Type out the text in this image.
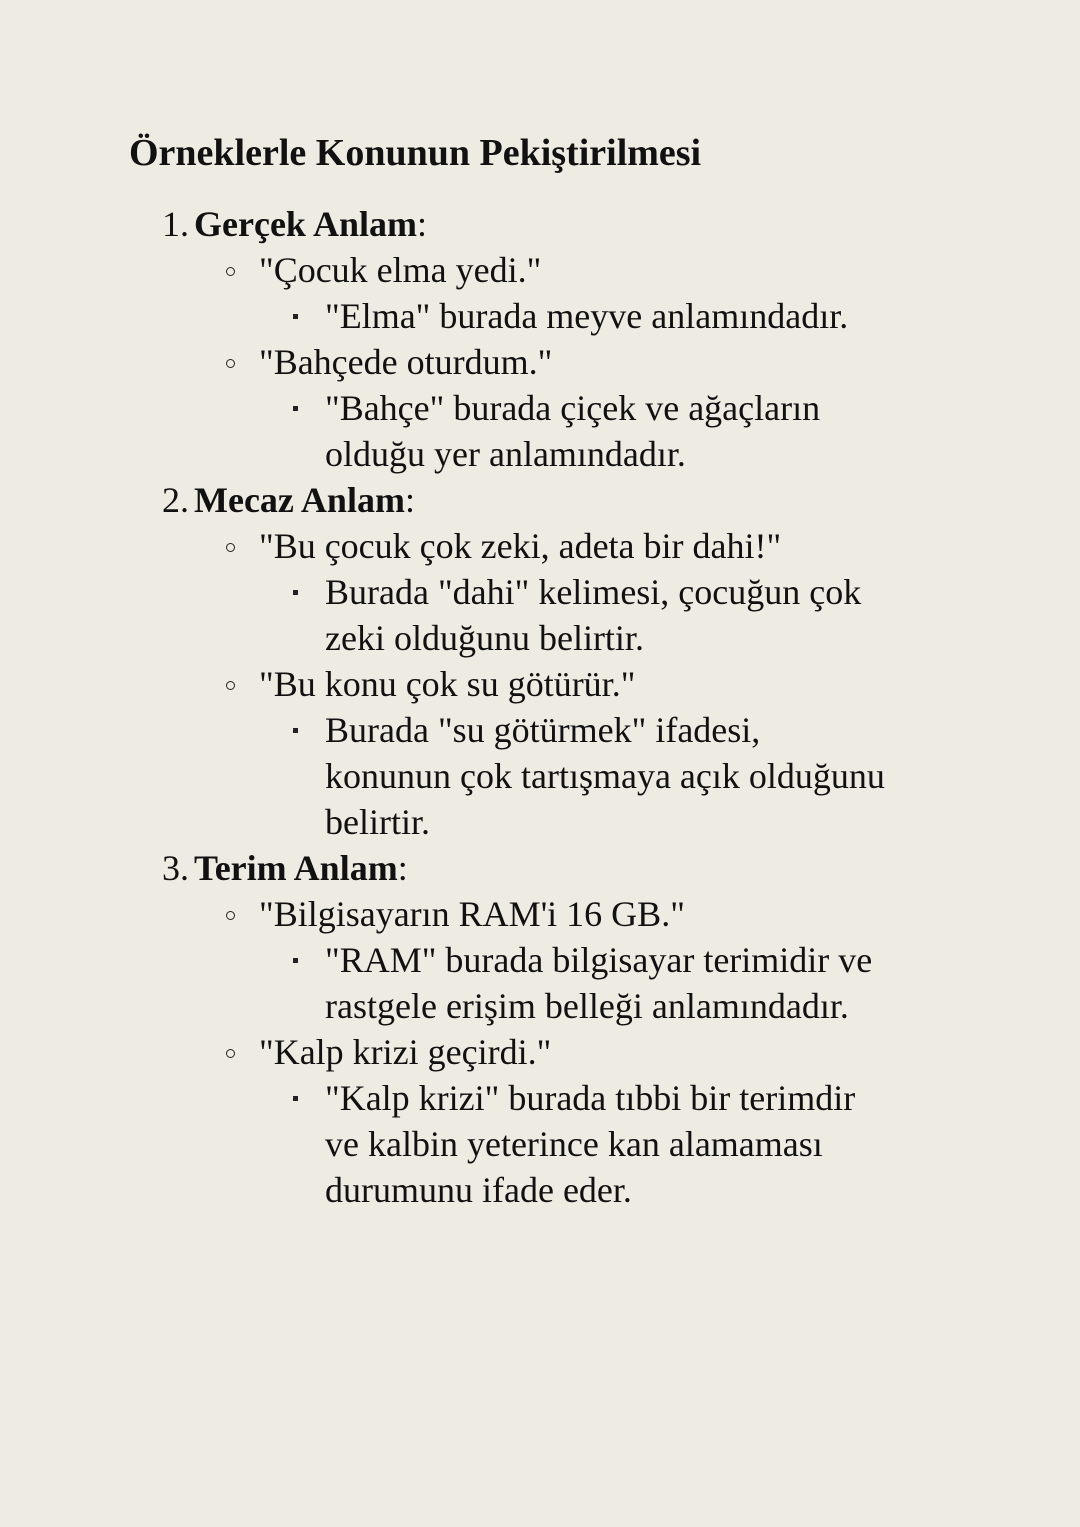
Örneklerle Konunun Pekiştirilmesi
1. Gerçek Anlam:
"Çocuk elma yedi."
"Elma" burada meyve anlamındadır.
"Bahçede oturdum."
"Bahçe" burada çiçek ve ağaçların
olduğu yer anlamındadır.
2. Mecaz Anlam:
"Bu çocuk çok zeki, adeta bir dahi!"
Burada "dahi" kelimesi, çocuğun çok
zeki olduğunu belirtir.
"Bu konu çok su götürür."
Burada "su götürmek" ifadesi,
konunun çok tartışmaya açık olduğunu
belirtir.
3. Terim Anlam:
"Bilgisayarın RAM'i 16 GB."
"RAM" burada bilgisayar terimidir ve
rastgele erişim belleği anlamındadır.
"Kalp krizi geçirdi."
"Kalp krizi" burada tıbbi bir terimdir
ve kalbin yeterince kan alamaması
durumunu ifade eder.
